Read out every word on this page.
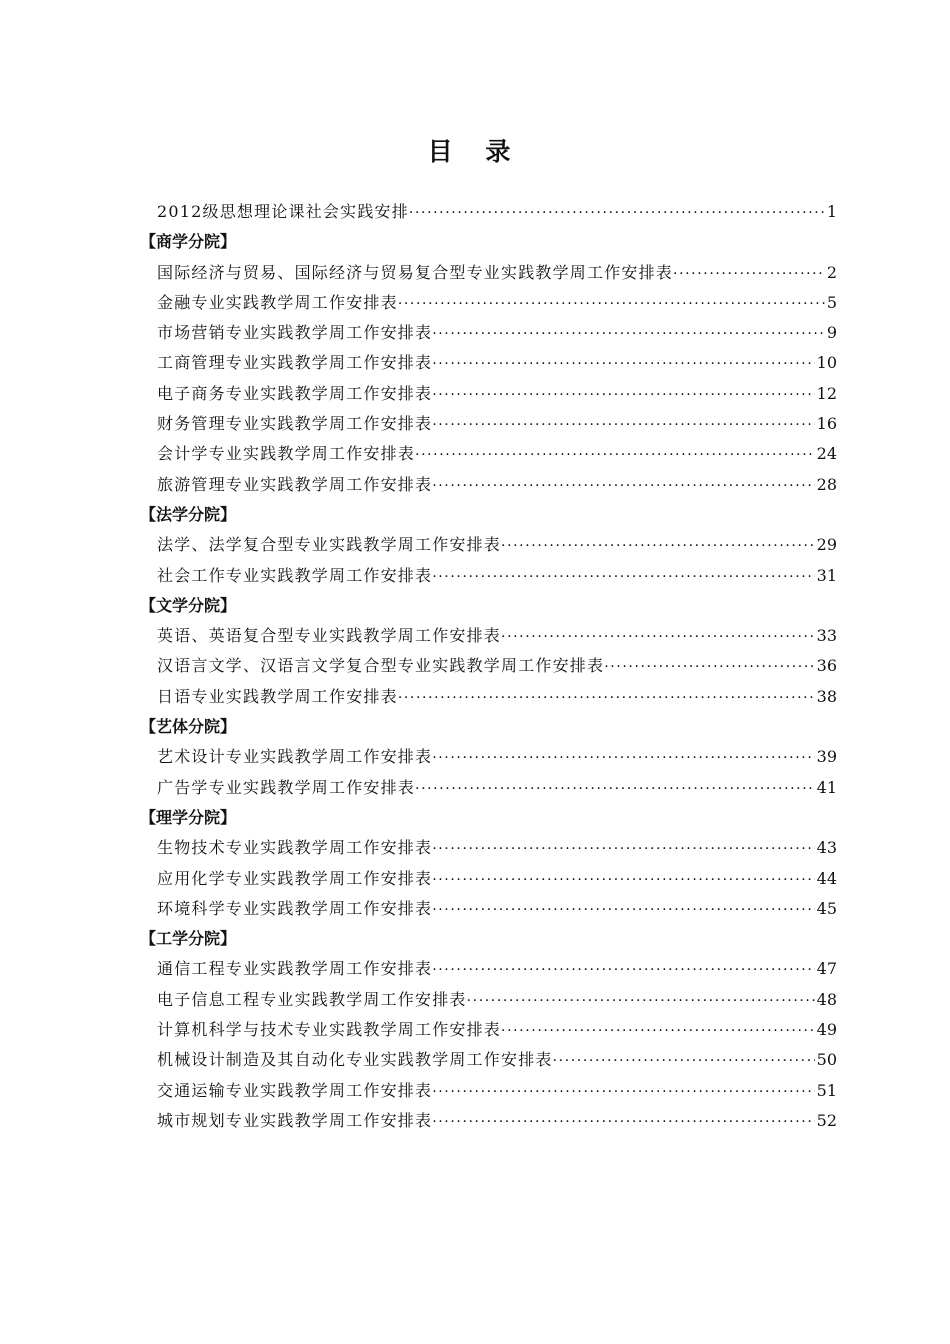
目 录
2012级思想理论课社会实践安排 ·····	1
【商学分院】
国际经济与贸易、国际经济与贸易复合型专业实践教学周工作安排表 ·····	2
金融专业实践教学周工作安排表 ·····	5
市场营销专业实践教学周工作安排表 ·····	9
工商管理专业实践教学周工作安排表 ·····	10
电子商务专业实践教学周工作安排表 ·····	12
财务管理专业实践教学周工作安排表 ·····	16
会计学专业实践教学周工作安排表 ·····	24
旅游管理专业实践教学周工作安排表 ·····	28
【法学分院】
法学、法学复合型专业实践教学周工作安排表 ·····	29
社会工作专业实践教学周工作安排表 ·····	31
【文学分院】
英语、英语复合型专业实践教学周工作安排表 ·····	33
汉语言文学、汉语言文学复合型专业实践教学周工作安排表 ·····	36
日语专业实践教学周工作安排表 ·····	38
【艺体分院】
艺术设计专业实践教学周工作安排表 ·····	39
广告学专业实践教学周工作安排表 ·····	41
【理学分院】
生物技术专业实践教学周工作安排表 ·····	43
应用化学专业实践教学周工作安排表 ·····	44
环境科学专业实践教学周工作安排表 ·····	45
【工学分院】
通信工程专业实践教学周工作安排表 ·····	47
电子信息工程专业实践教学周工作安排表 ·····	48
计算机科学与技术专业实践教学周工作安排表 ·····	49
机械设计制造及其自动化专业实践教学周工作安排表 ·····	50
交通运输专业实践教学周工作安排表 ·····	51
城市规划专业实践教学周工作安排表 ·····	52
